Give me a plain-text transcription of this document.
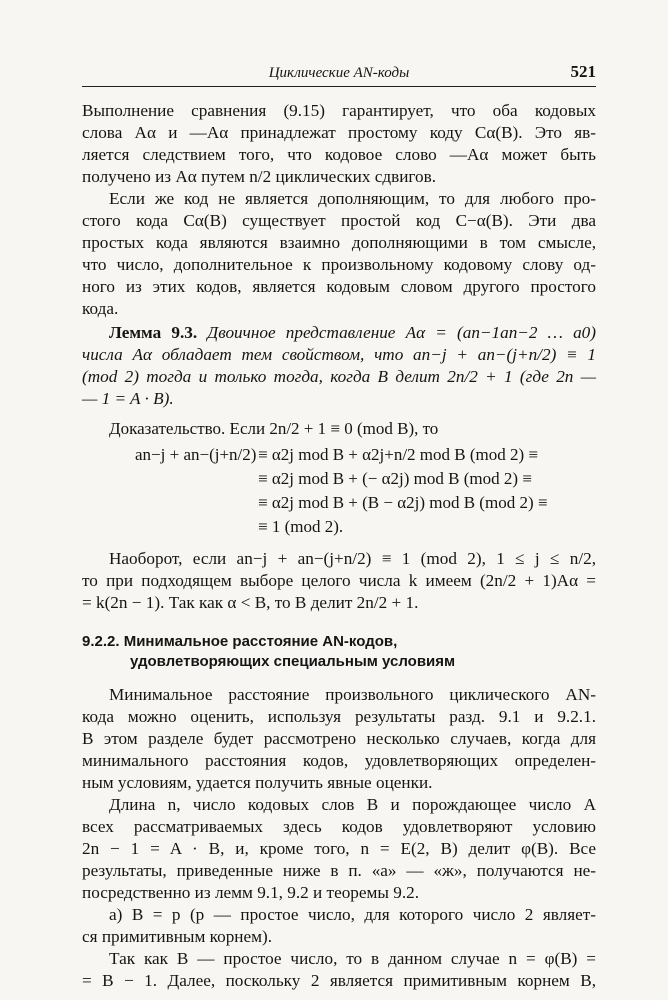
Циклические AN-коды	521
Выполнение сравнения (9.15) гарантирует, что оба кодовых
слова Aα и —Aα принадлежат простому коду Cα(B). Это яв-
ляется следствием того, что кодовое слово —Aα может быть
получено из Aα путем n/2 циклических сдвигов.
Если же код не является дополняющим, то для любого про-
стого кода Cα(B) существует простой код C−α(B). Эти два
простых кода являются взаимно дополняющими в том смысле,
что число, дополнительное к произвольному кодовому слову од-
ного из этих кодов, является кодовым словом другого простого
кода.
Лемма 9.3. Двоичное представление Aα = (an−1an−2 … a0)
числа Aα обладает тем свойством, что an−j + an−(j+n/2) ≡ 1
(mod 2) тогда и только тогда, когда B делит 2n/2 + 1 (где 2n —
— 1 = A · B).
Доказательство. Если 2n/2 + 1 ≡ 0 (mod B), то
an−j + an−(j+n/2) ≡ α2j mod B + α2j+n/2 mod B (mod 2) ≡
≡ α2j mod B + (− α2j) mod B (mod 2) ≡
≡ α2j mod B + (B − α2j) mod B (mod 2) ≡
≡ 1 (mod 2).
Наоборот, если an−j + an−(j+n/2) ≡ 1 (mod 2), 1 ≤ j ≤ n/2,
то при подходящем выборе целого числа k имеем (2n/2 + 1)Aα =
= k(2n − 1). Так как α < B, то B делит 2n/2 + 1.
9.2.2. Минимальное расстояние AN-кодов,
удовлетворяющих специальным условиям
Минимальное расстояние произвольного циклического AN-
кода можно оценить, используя результаты разд. 9.1 и 9.2.1.
В этом разделе будет рассмотрено несколько случаев, когда для
минимального расстояния кодов, удовлетворяющих определен-
ным условиям, удается получить явные оценки.
Длина n, число кодовых слов B и порождающее число A
всех рассматриваемых здесь кодов удовлетворяют условию
2n − 1 = A · B, и, кроме того, n = E(2, B) делит φ(B). Все
результаты, приведенные ниже в п. «а» — «ж», получаются не-
посредственно из лемм 9.1, 9.2 и теоремы 9.2.
а) B = p (p — простое число, для которого число 2 являет-
ся примитивным корнем).
Так как B — простое число, то в данном случае n = φ(B) =
= B − 1. Далее, поскольку 2 является примитивным корнем B,
